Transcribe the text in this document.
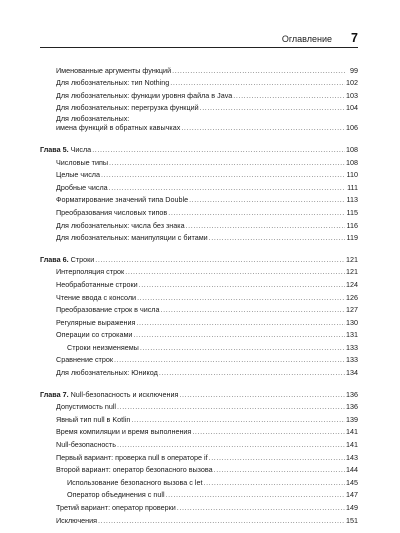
Оглавление 7
Именованные аргументы функций .....	99
Для любознательных: тип Nothing .....	102
Для любознательных: функции уровня файла в Java .....	103
Для любознательных: перегрузка функций .....	104
Для любознательных:
имена функций в обратных кавычках .....	106
Глава 5. Числа .....	108
Числовые типы .....	108
Целые числа .....	110
Дробные числа .....	111
Форматирование значений типа Double .....	113
Преобразования числовых типов .....	115
Для любознательных: числа без знака .....	116
Для любознательных: манипуляции с битами .....	119
Глава 6. Строки .....	121
Интерполяция строк .....	121
Необработанные строки .....	124
Чтение ввода с консоли .....	126
Преобразование строк в числа .....	127
Регулярные выражения .....	130
Операции со строками .....	131
Строки неизменяемы .....	133
Сравнение строк .....	133
Для любознательных: Юникод .....	134
Глава 7. Null-безопасность и исключения .....	136
Допустимость null .....	136
Явный тип null в Kotlin .....	139
Время компиляции и время выполнения .....	141
Null-безопасность .....	141
Первый вариант: проверка null в операторе if .....	143
Второй вариант: оператор безопасного вызова .....	144
Использование безопасного вызова с let .....	145
Оператор объединения с null .....	147
Третий вариант: оператор проверки .....	149
Исключения .....	151
